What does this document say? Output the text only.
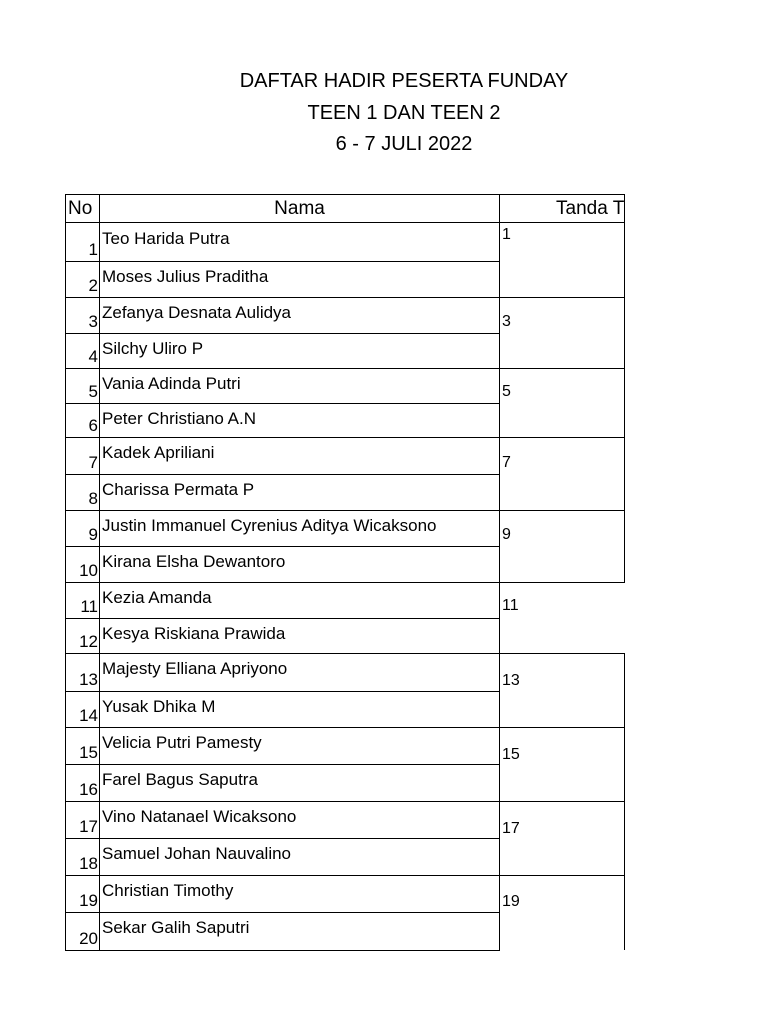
DAFTAR HADIR PESERTA FUNDAY
TEEN 1 DAN TEEN 2
6 - 7 JULI 2022
No	Nama	Tanda T
1
Teo Harida Putra
2 Moses Julius Praditha
3 Zefanya Desnata Aulidya
4 Silchy Uliro P
5 Vania Adinda Putri
6 Peter Christiano A.N
7
Kadek Apriliani
8 Charissa Permata P
9 Justin Immanuel Cyrenius Aditya Wicaksono
10 Kirana Elsha Dewantoro
11 Kezia Amanda
12 Kesya Riskiana Prawida
13
Majesty Elliana Apriyono
14 Yusak Dhika M
15
Velicia Putri Pamesty
16
Farel Bagus Saputra
17
Vino Natanael Wicaksono
18
Samuel Johan Nauvalino
19
Christian Timothy
20
Sekar Galih Saputri
1
3
5
7
9
11
13
15
17
19
